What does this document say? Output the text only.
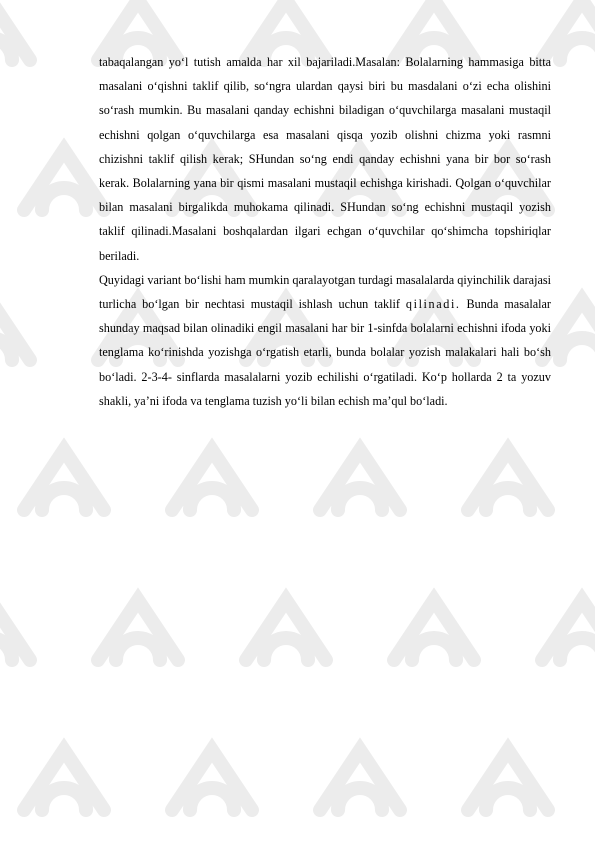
tabaqalangan yo‘l tutish amalda har xil bajariladi.Masalan: Bolalarning hammasiga bitta masalani o‘qishni taklif qilib, so‘ngra ulardan qaysi biri bu masdalani o‘zi echa olishini so‘rash mumkin. Bu masalani qanday echishni biladigan o‘quvchilarga masalani mustaqil echishni qolgan o‘quvchilarga esa masalani qisqa yozib olishni chizma yoki rasmni chizishni taklif qilish kerak; SHundan so‘ng endi qanday echishni yana bir bor so‘rash kerak. Bolalarning yana bir qismi masalani mustaqil echishga kirishadi. Qolgan o‘quvchilar bilan masalani birgalikda muhokama qilinadi. SHundan so‘ng echishni mustaqil yozish taklif qilinadi.Masalani boshqalardan ilgari echgan o‘quvchilar qo‘shimcha topshiriqlar beriladi.

Quyidagi variant bo‘lishi ham mumkin qaralayotgan turdagi masalalarda qiyinchilik darajasi turlicha bo‘lgan bir nechtasi mustaqil ishlash uchun taklif qilinadi. Bunda masalalar shunday maqsad bilan olinadiki engil masalani har bir 1-sinfda bolalarni echishni ifoda yoki tenglama ko‘rinishda yozishga o‘rgatish etarli, bunda bolalar yozish malakalari hali bo‘sh bo‘ladi. 2-3-4- sinflarda masalalarni yozib echilishi o‘rgatiladi. Ko‘p hollarda 2 ta yozuv shakli, ya’ni ifoda va tenglama tuzish yo‘li bilan echish ma’qul bo‘ladi.
